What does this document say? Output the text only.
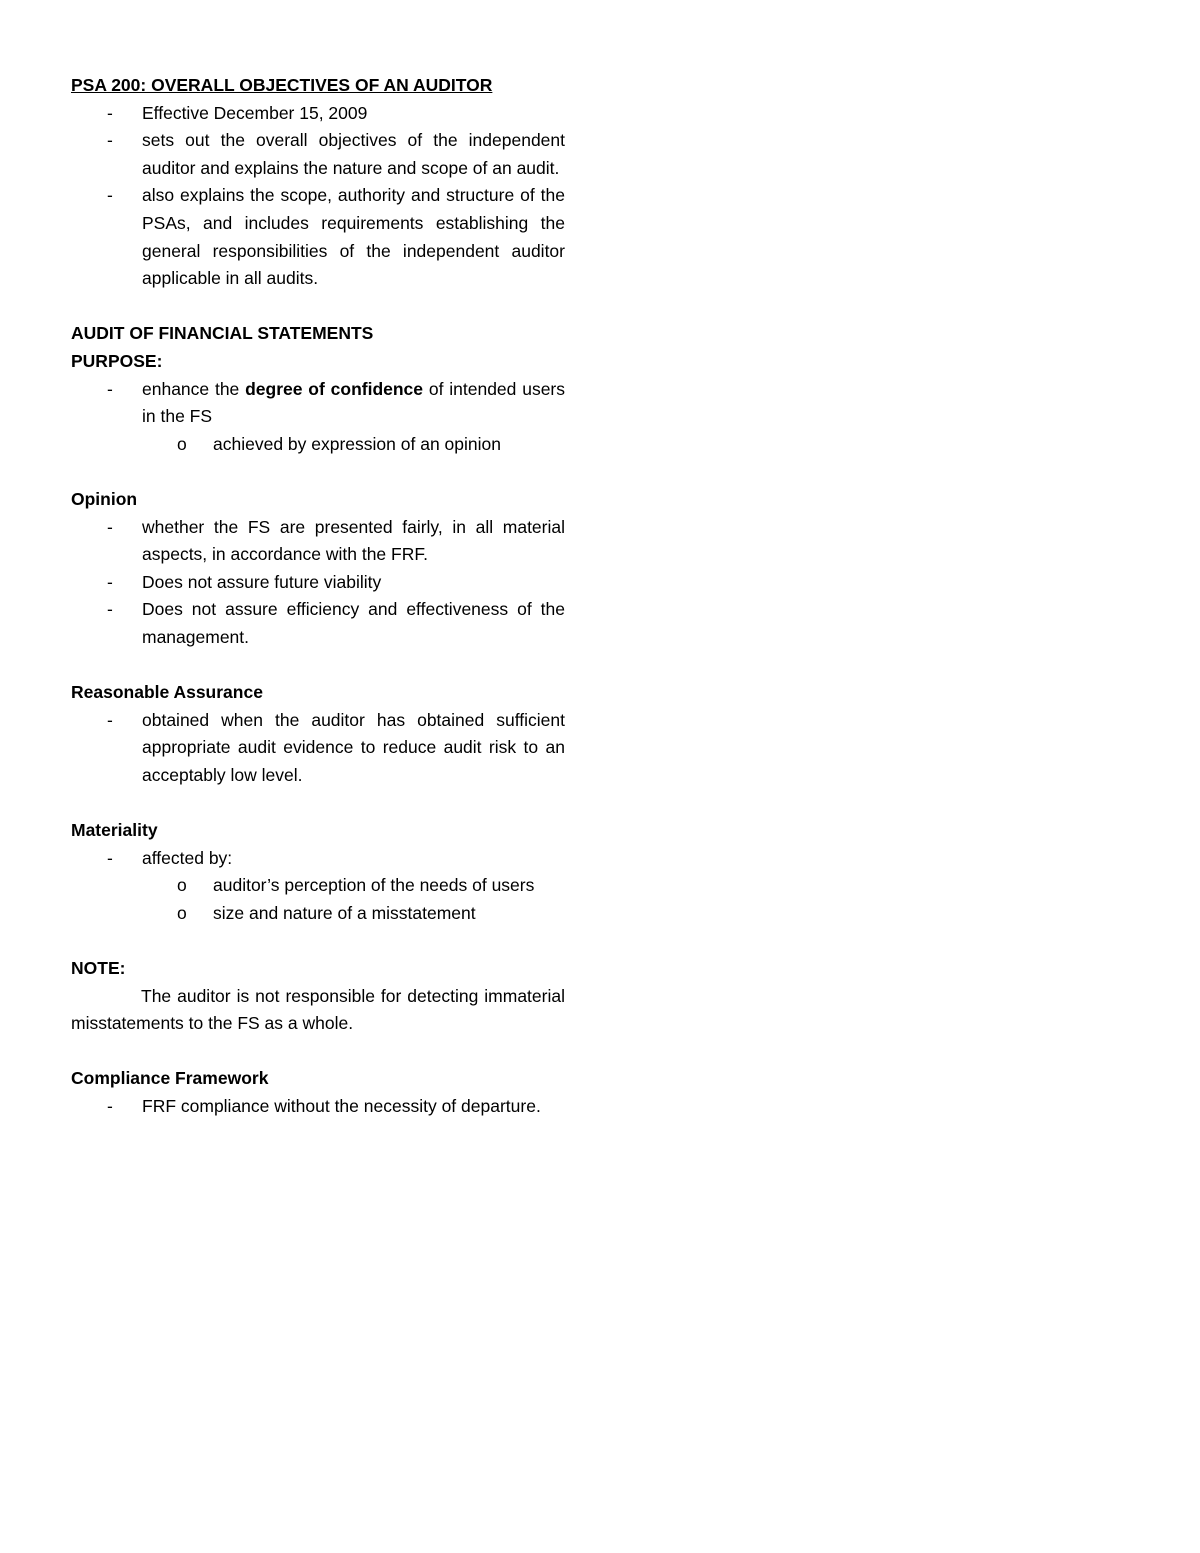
PSA 200: OVERALL OBJECTIVES OF AN AUDITOR

- Effective December 15, 2009
- sets out the overall objectives of the independent auditor and explains the nature and scope of an audit.
- also explains the scope, authority and structure of the PSAs, and includes requirements establishing the general responsibilities of the independent auditor applicable in all audits.

AUDIT OF FINANCIAL STATEMENTS

PURPOSE:

- enhance the degree of confidence of intended users in the FS
o achieved by expression of an opinion

Opinion

- whether the FS are presented fairly, in all material aspects, in accordance with the FRF.
- Does not assure future viability
- Does not assure efficiency and effectiveness of the management.

Reasonable Assurance

- obtained when the auditor has obtained sufficient appropriate audit evidence to reduce audit risk to an acceptably low level.

Materiality

- affected by:
o auditor’s perception of the needs of users
o size and nature of a misstatement

NOTE:

The auditor is not responsible for detecting immaterial misstatements to the FS as a whole.

Compliance Framework

- FRF compliance without the necessity of departure.
